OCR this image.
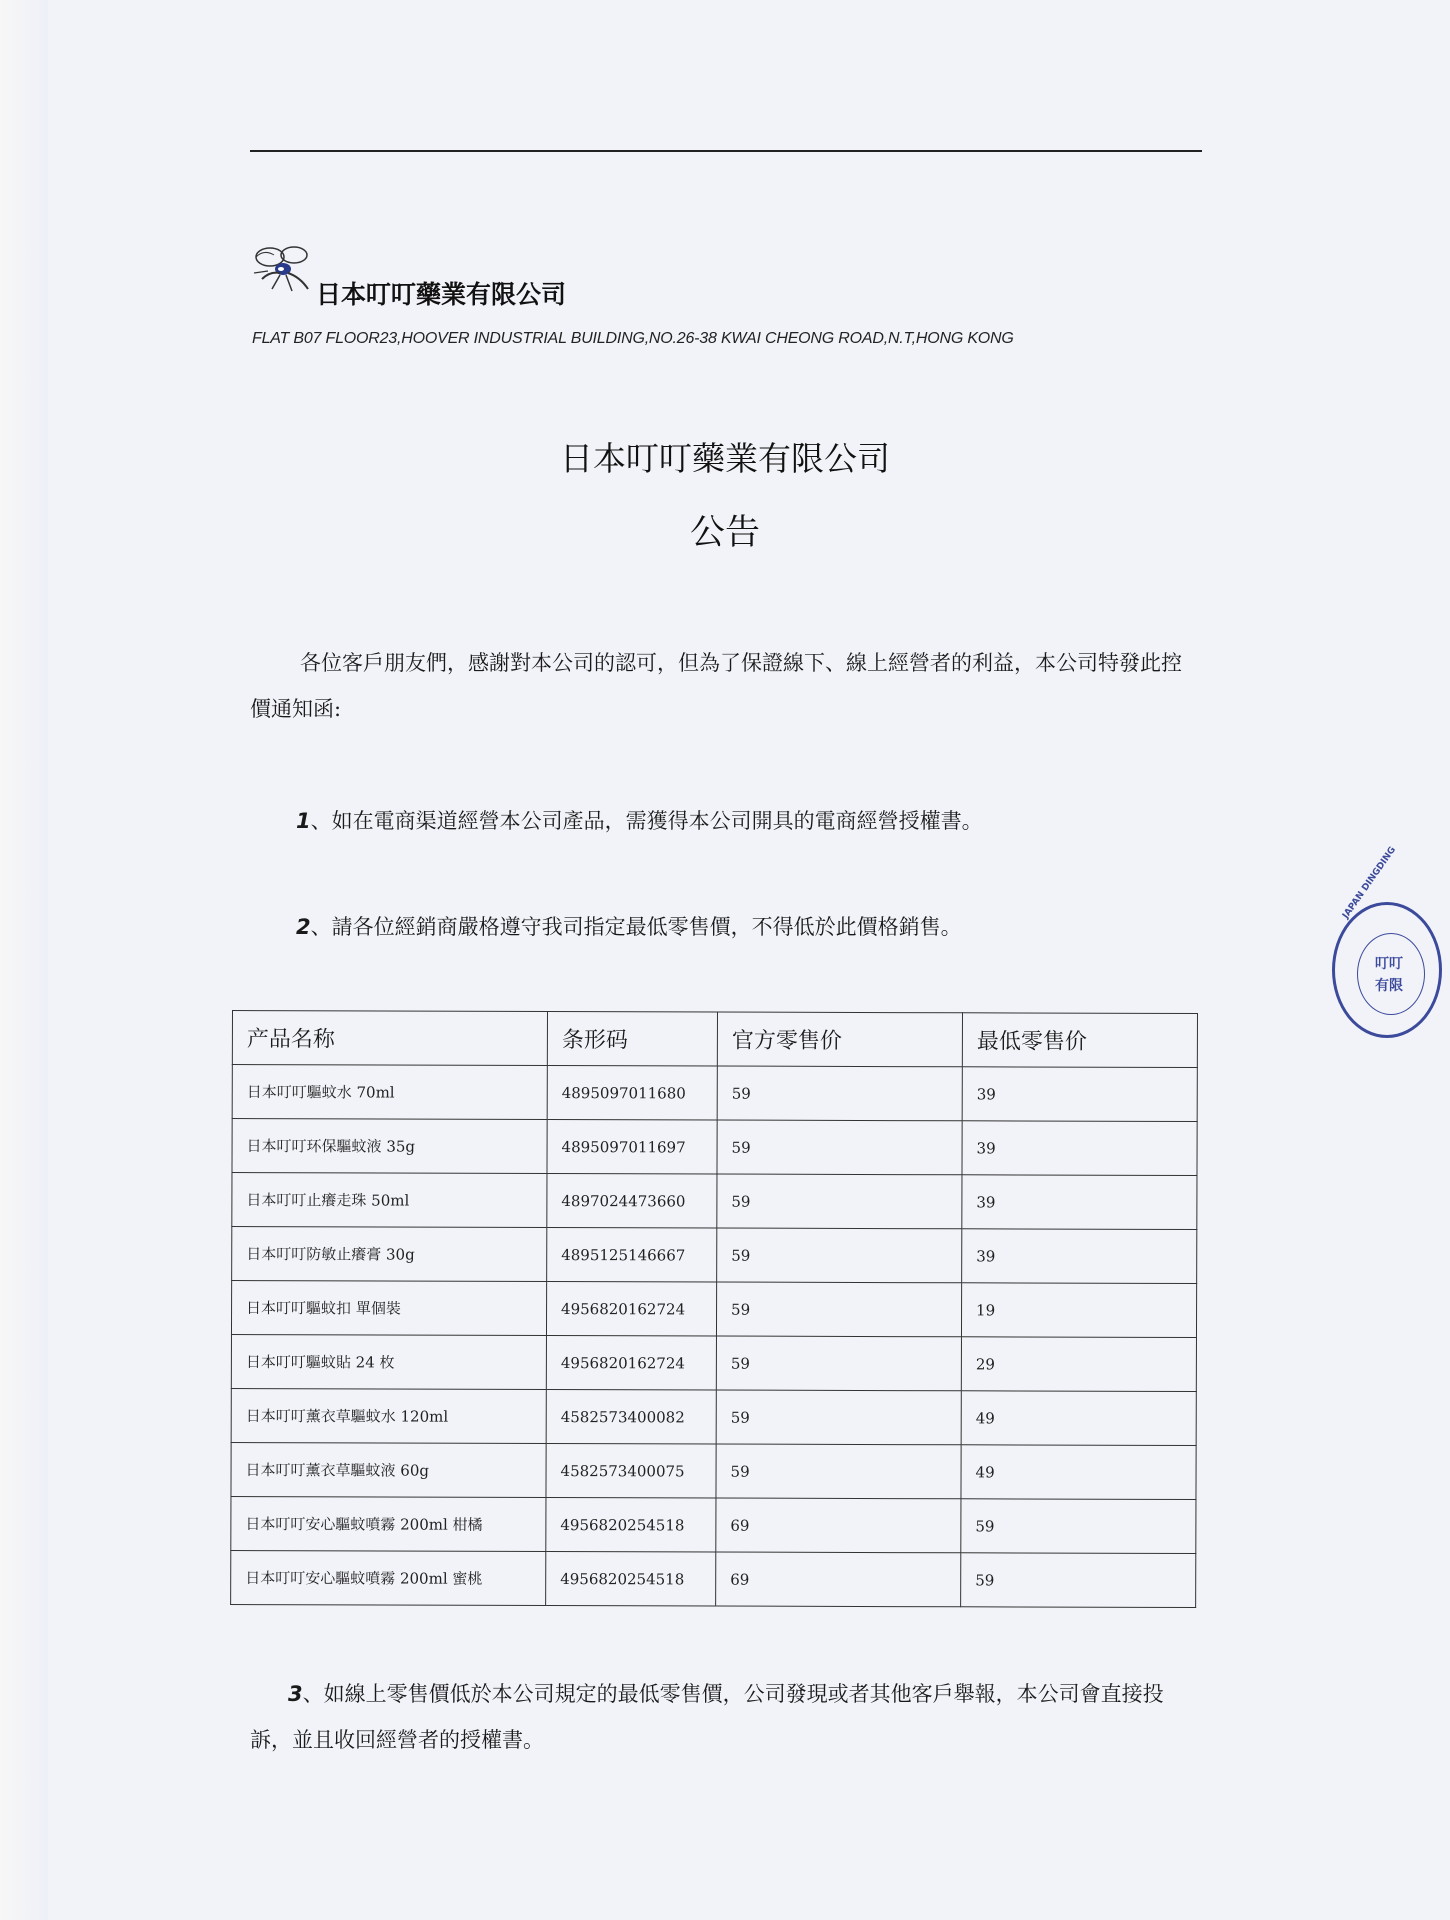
日本叮叮藥業有限公司
FLAT B07 FLOOR23,HOOVER INDUSTRIAL BUILDING,NO.26-38 KWAI CHEONG ROAD,N.T,HONG KONG
日本叮叮藥業有限公司
公告
各位客戶朋友們，感謝對本公司的認可，但為了保證線下、線上經營者的利益，本公司特發此控價通知函:
1、如在電商渠道經營本公司產品，需獲得本公司開具的電商經營授權書。
2、請各位經銷商嚴格遵守我司指定最低零售價，不得低於此價格銷售。
产品名称	条形码	官方零售价	最低零售价
日本叮叮驅蚊水 70ml	4895097011680	59	39
日本叮叮环保驅蚊液 35g	4895097011697	59	39
日本叮叮止癢走珠 50ml	4897024473660	59	39
日本叮叮防敏止癢膏 30g	4895125146667	59	39
日本叮叮驅蚊扣 單個裝	4956820162724	59	19
日本叮叮驅蚊貼 24 枚	4956820162724	59	29
日本叮叮薰衣草驅蚊水 120ml	4582573400082	59	49
日本叮叮薰衣草驅蚊液 60g	4582573400075	59	49
日本叮叮安心驅蚊噴霧 200ml 柑橘	4956820254518	69	59
日本叮叮安心驅蚊噴霧 200ml 蜜桃	4956820254518	69	59
3、如線上零售價低於本公司規定的最低零售價，公司發現或者其他客戶舉報，本公司會直接投訴，並且收回經營者的授權書。
JAPAN DINGDING
叮叮
有限
